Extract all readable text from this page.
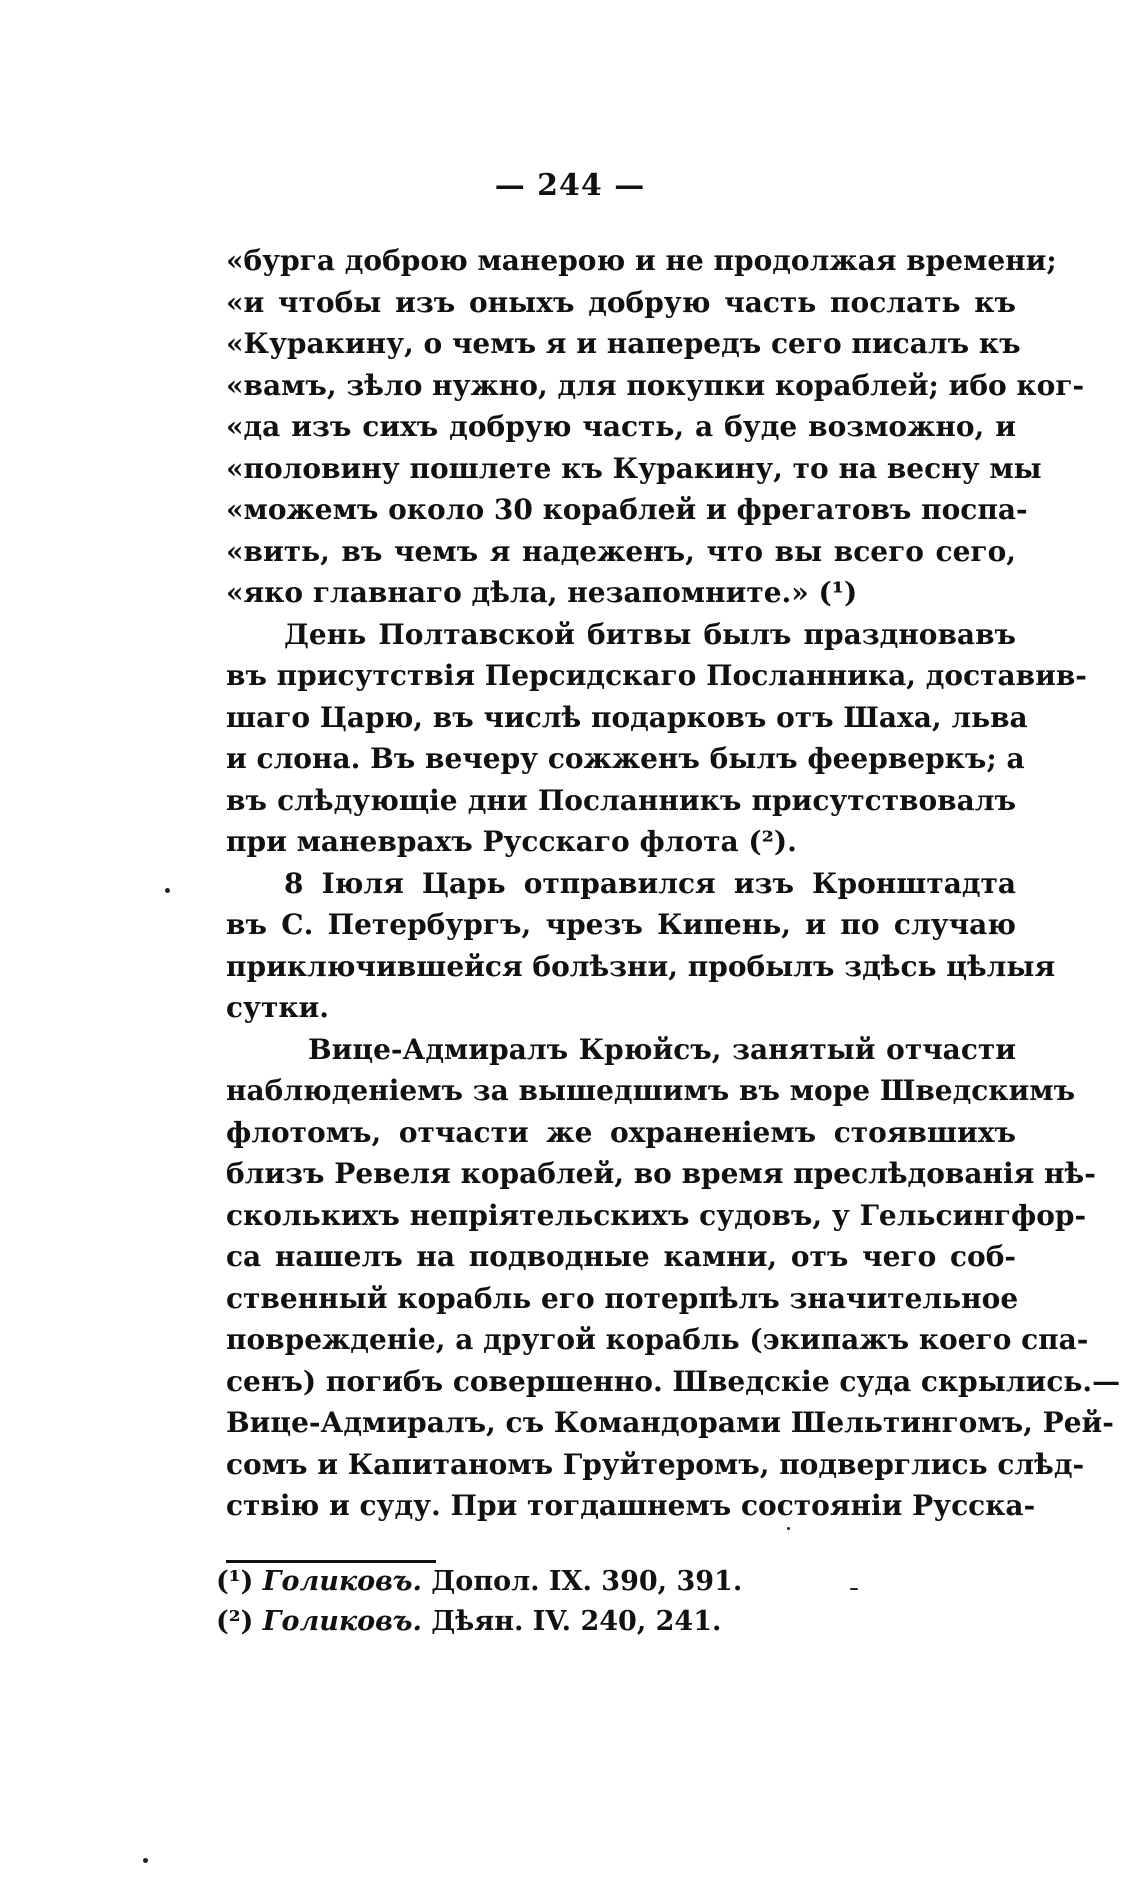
— 244 —
«бурга доброю манерою и не продолжая времени;
«и чтобы изъ оныхъ добрую часть послать къ
«Куракину, о чемъ я и напередъ сего писалъ къ
«вамъ, зѣло нужно, для покупки кораблей; ибо ког-
«да изъ сихъ добрую часть, а буде возможно, и
«половину пошлете къ Куракину, то на весну мы
«можемъ около 30 кораблей и фрегатовъ поспа-
«вить, въ чемъ я надеженъ, что вы всего сего,
«яко главнаго дѣла, незапомните.» (¹)
День Полтавской битвы былъ праздновавъ
въ присутствія Персидскаго Посланника, доставив-
шаго Царю, въ числѣ подарковъ отъ Шаха, льва
и слона. Въ вечеру сожженъ былъ феерверкъ; а
въ слѣдующіе дни Посланникъ присутствовалъ
при маневрахъ Русскаго флота (²).
8 Іюля Царь отправился изъ Кронштадта
въ С. Петербургъ, чрезъ Кипень, и по случаю
приключившейся болѣзни, пробылъ здѣсь цѣлыя
сутки.
Вице-Адмиралъ Крюйсъ, занятый отчасти
наблюденіемъ за вышедшимъ въ море Шведскимъ
флотомъ, отчасти же охраненіемъ стоявшихъ
близъ Ревеля кораблей, во время преслѣдованія нѣ-
сколькихъ непріятельскихъ судовъ, у Гельсингфор-
са нашелъ на подводные камни, отъ чего соб-
ственный корабль его потерпѣлъ значительное
поврежденіе, а другой корабль (экипажъ коего спа-
сенъ) погибъ совершенно. Шведскіе суда скрылись.—
Вице-Адмиралъ, съ Командорами Шельтингомъ, Рей-
сомъ и Капитаномъ Груйтеромъ, подверглись слѣд-
ствію и суду. При тогдашнемъ состояніи Русска-
(¹) Голиковъ. Допол. IX. 390, 391.
(²) Голиковъ. Дѣян. IV. 240, 241.
